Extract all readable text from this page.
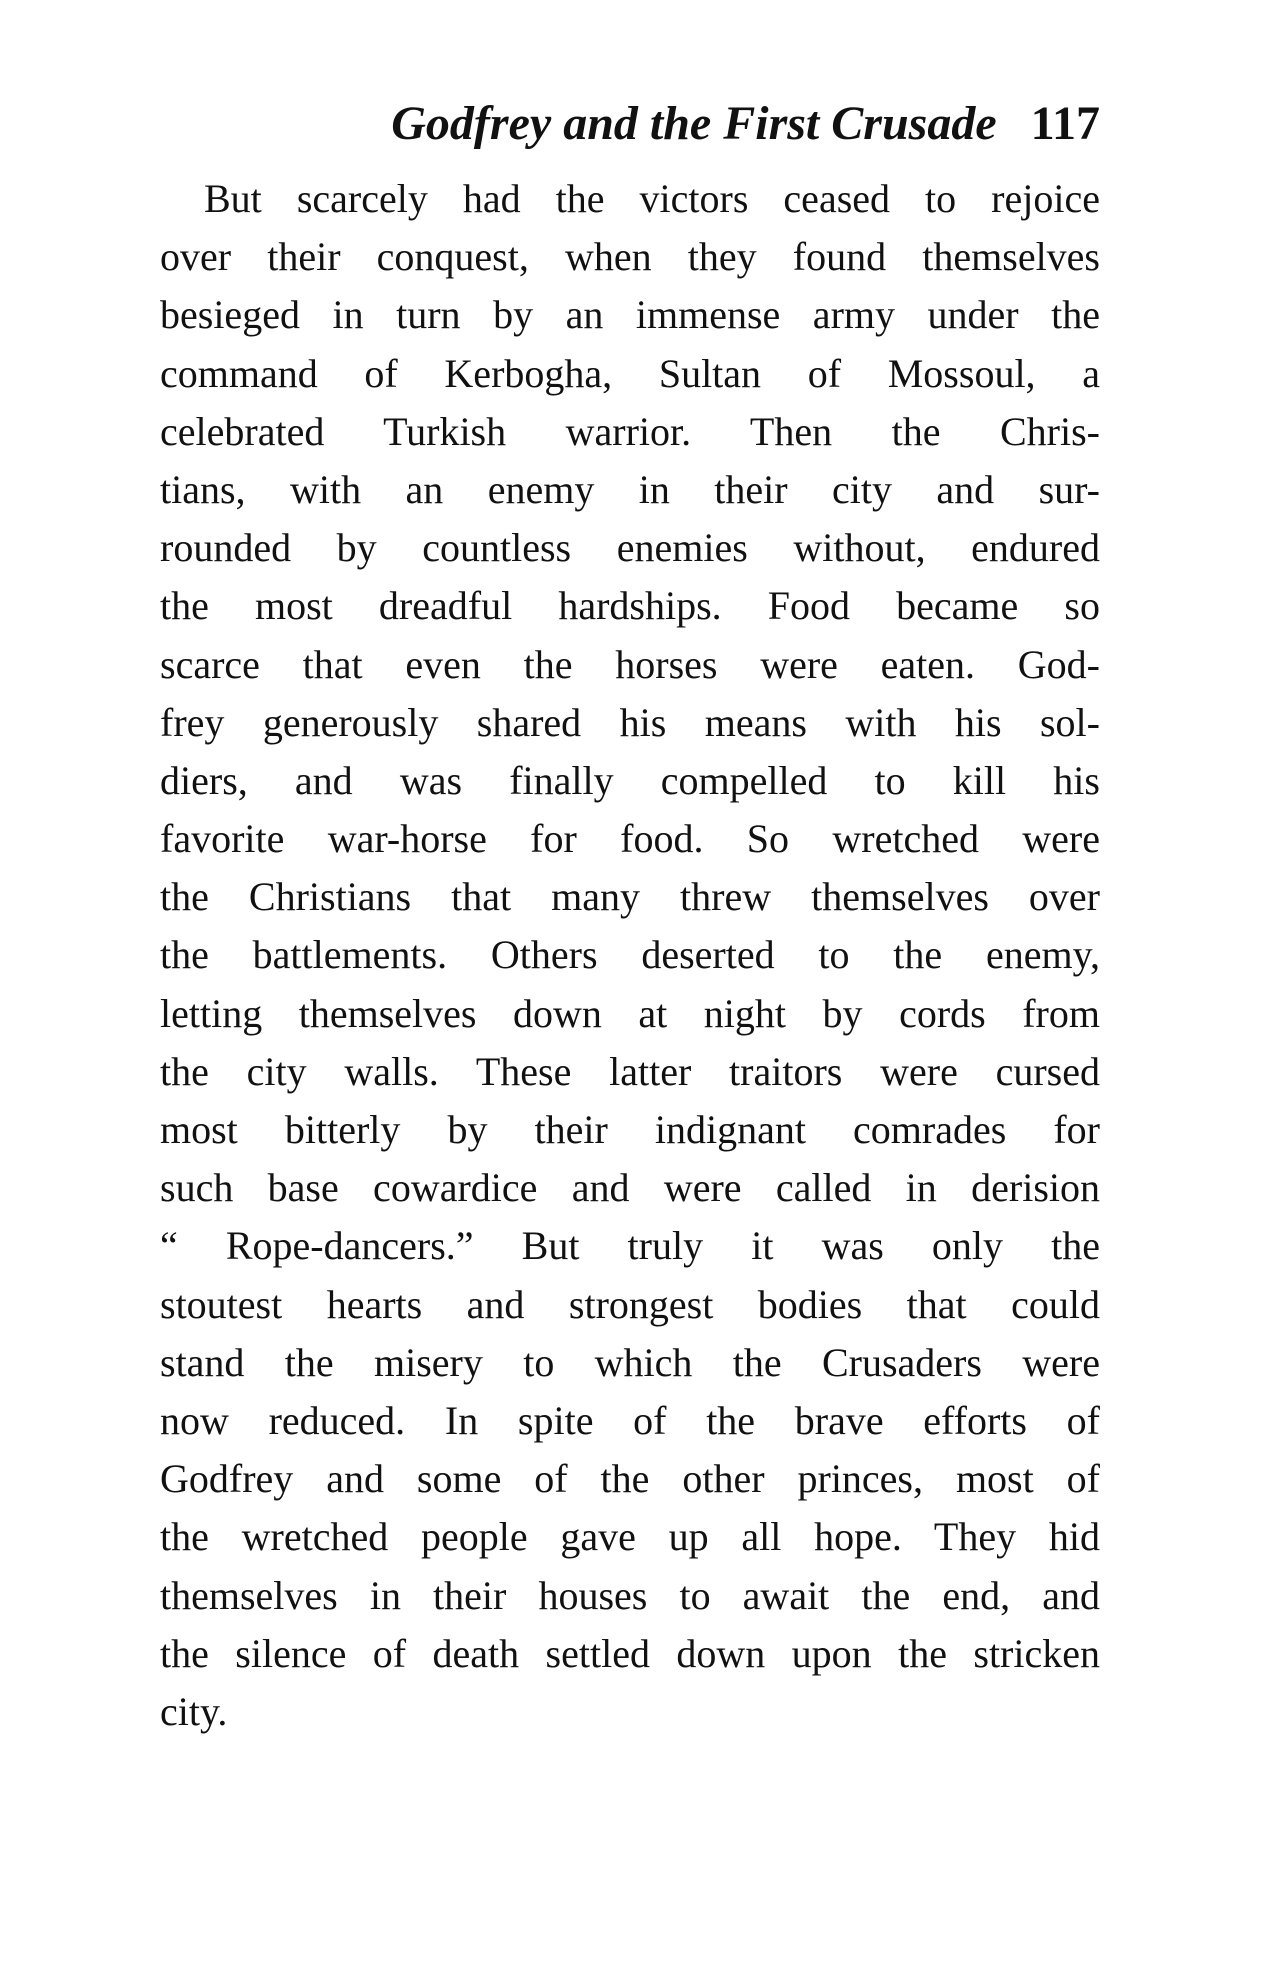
Godfrey and the First Crusade 117
But scarcely had the victors ceased to rejoice
over their conquest, when they found themselves
besieged in turn by an immense army under the
command of Kerbogha, Sultan of Mossoul, a
celebrated Turkish warrior. Then the Chris-
tians, with an enemy in their city and sur-
rounded by countless enemies without, endured
the most dreadful hardships. Food became so
scarce that even the horses were eaten. God-
frey generously shared his means with his sol-
diers, and was finally compelled to kill his
favorite war-horse for food. So wretched were
the Christians that many threw themselves over
the battlements. Others deserted to the enemy,
letting themselves down at night by cords from
the city walls. These latter traitors were cursed
most bitterly by their indignant comrades for
such base cowardice and were called in derision
“ Rope-dancers.” But truly it was only the
stoutest hearts and strongest bodies that could
stand the misery to which the Crusaders were
now reduced. In spite of the brave efforts of
Godfrey and some of the other princes, most of
the wretched people gave up all hope. They hid
themselves in their houses to await the end, and
the silence of death settled down upon the stricken
city.
